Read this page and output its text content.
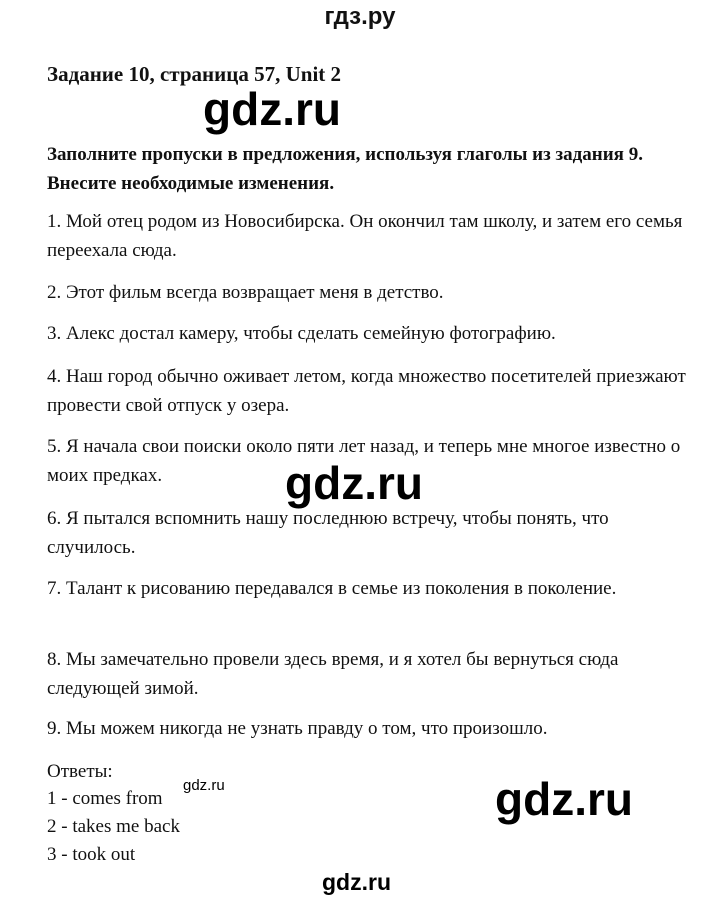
гдз.ру
Задание 10, страница 57, Unit 2

Заполните пропуски в предложения, используя глаголы из задания 9. Внесите необходимые изменения.

1. Мой отец родом из Новосибирска. Он окончил там школу, и затем его семья переехала сюда.

2. Этот фильм всегда возвращает меня в детство.

3. Алекс достал камеру, чтобы сделать семейную фотографию.

4. Наш город обычно оживает летом, когда множество посетителей приезжают провести свой отпуск у озера.

5. Я начала свои поиски около пяти лет назад, и теперь мне многое известно о моих предках.

6. Я пытался вспомнить нашу последнюю встречу, чтобы понять, что случилось.

7. Талант к рисованию передавался в семье из поколения в поколение.

8. Мы замечательно провели здесь время, и я хотел бы вернуться сюда следующей зимой.

9. Мы можем никогда не узнать правду о том, что произошло.

Ответы:

1 - comes from

2 - takes me back

3 - took out

gdz.ru
gdz.ru
gdz.ru	gdz.ru
gdz.ru
